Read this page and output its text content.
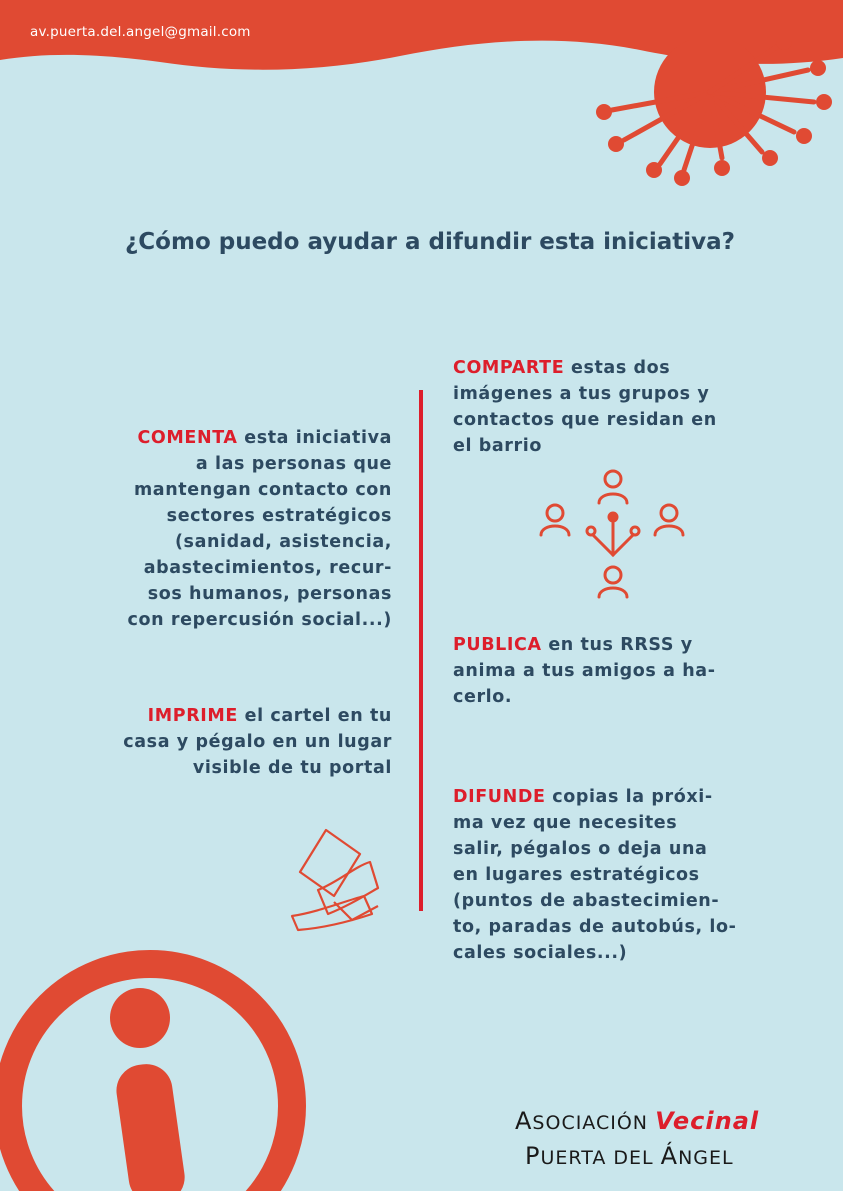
av.puerta.del.angel@gmail.com
¿Cómo puedo ayudar a difundir esta iniciativa?
COMENTA esta iniciativa
a las personas que
mantengan contacto con
sectores estratégicos
(sanidad, asistencia,
abastecimientos, recur-
sos humanos, personas
con repercusión social...)
IMPRIME el cartel en tu
casa y pégalo en un lugar
visible de tu portal
COMPARTE estas dos
imágenes a tus grupos y
contactos que residan en
el barrio
PUBLICA en tus RRSS y
anima a tus amigos a ha-
cerlo.
DIFUNDE copias la próxi-
ma vez que necesites
salir, pégalos o deja una
en lugares estratégicos
(puntos de abastecimien-
to, paradas de autobús, lo-
cales sociales...)
ASOCIACIÓN Vecinal
PUERTA DEL ÁNGEL
